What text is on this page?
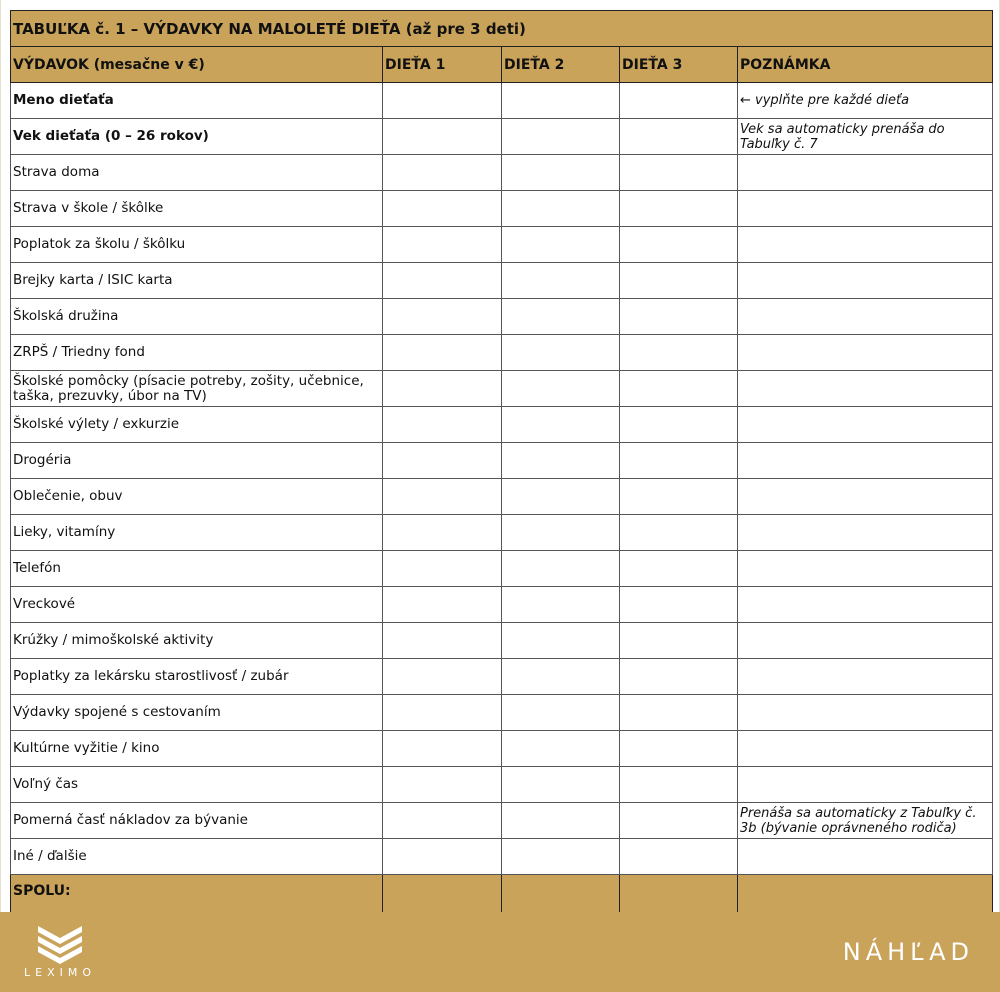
TABUĽKA č. 1 – VÝDAVKY NA MALOLETÉ DIEŤA (až pre 3 deti)				
VÝDAVOK (mesačne v €)	DIEŤA 1	DIEŤA 2	DIEŤA 3	POZNÁMKA
Meno dieťaťa				← vyplňte pre každé dieťa
Vek dieťaťa (0 – 26 rokov)				Vek sa automaticky prenáša do Tabuľky č. 7
Strava doma				
Strava v škole / škôlke				
Poplatok za školu / škôlku				
Brejky karta / ISIC karta				
Školská družina				
ZRPŠ / Triedny fond				
Školské pomôcky (písacie potreby, zošity, učebnice, taška, prezuvky, úbor na TV)				
Školské výlety / exkurzie				
Drogéria				
Oblečenie, obuv				
Lieky, vitamíny				
Telefón				
Vreckové				
Krúžky / mimoškolské aktivity				
Poplatky za lekársku starostlivosť / zubár				
Výdavky spojené s cestovaním				
Kultúrne vyžitie / kino				
Voľný čas				
Pomerná časť nákladov za bývanie				Prenáša sa automaticky z Tabuľky č. 3b (bývanie oprávneného rodiča)
Iné / ďalšie				
SPOLU:				
LEXIMO
NÁHĽAD
